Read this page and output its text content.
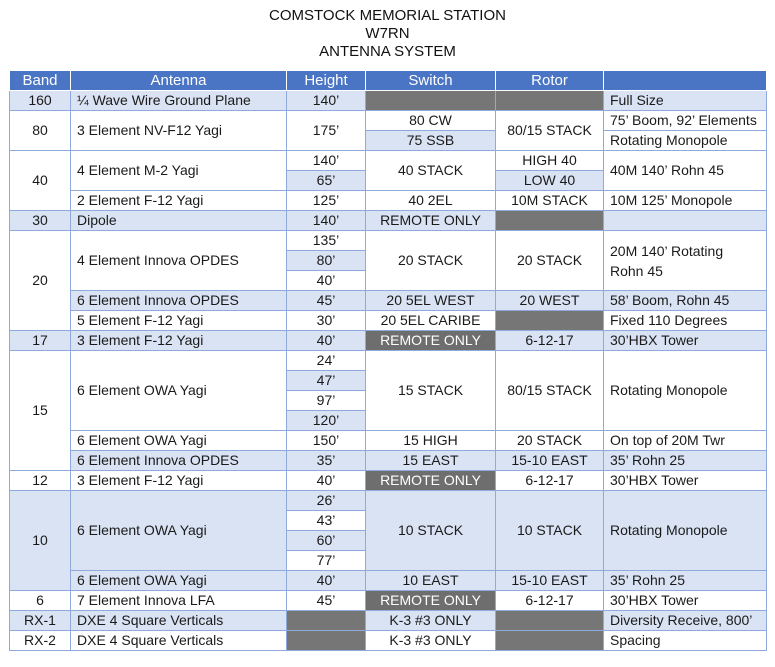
COMSTOCK MEMORIAL STATION
W7RN
ANTENNA SYSTEM
Band	Antenna	Height	Switch	Rotor	
160	¼ Wave Wire Ground Plane	140’			Full Size
80	3 Element NV-F12 Yagi	175’	80 CW	80/15 STACK	75’ Boom, 92’ Elements
			75 SSB		Rotating Monopole
40	4 Element M-2 Yagi	140’	40 STACK	HIGH 40	40M 140’ Rohn 45
		65’		LOW 40	
	2 Element F-12 Yagi	125’	40 2EL	10M STACK	10M 125’ Monopole
30	Dipole	140’	REMOTE ONLY		
20	4 Element Innova OPDES	135’	20 STACK	20 STACK	20M 140’ Rotating
Rohn 45
		80’			
		40’			
	6 Element Innova OPDES	45’	20 5EL WEST	20 WEST	58’ Boom, Rohn 45
	5 Element F-12 Yagi	30’	20 5EL CARIBE		Fixed 110 Degrees
17	3 Element F-12 Yagi	40’	REMOTE ONLY	6-12-17	30’HBX Tower
15	6 Element OWA Yagi	24’	15 STACK	80/15 STACK	Rotating Monopole
		47’			
		97’			
		120’			
	6 Element OWA Yagi	150’	15 HIGH	20 STACK	On top of 20M Twr
	6 Element Innova OPDES	35’	15 EAST	15-10 EAST	35’ Rohn 25
12	3 Element F-12 Yagi	40’	REMOTE ONLY	6-12-17	30’HBX Tower
10	6 Element OWA Yagi	26’	10 STACK	10 STACK	Rotating Monopole
		43’			
		60’			
		77’			
	6 Element OWA Yagi	40’	10 EAST	15-10 EAST	35’ Rohn 25
6	7 Element Innova LFA	45’	REMOTE ONLY	6-12-17	30’HBX Tower
RX-1	DXE 4 Square Verticals		K-3 #3 ONLY		Diversity Receive, 800’
RX-2	DXE 4 Square Verticals		K-3 #3 ONLY		Spacing
